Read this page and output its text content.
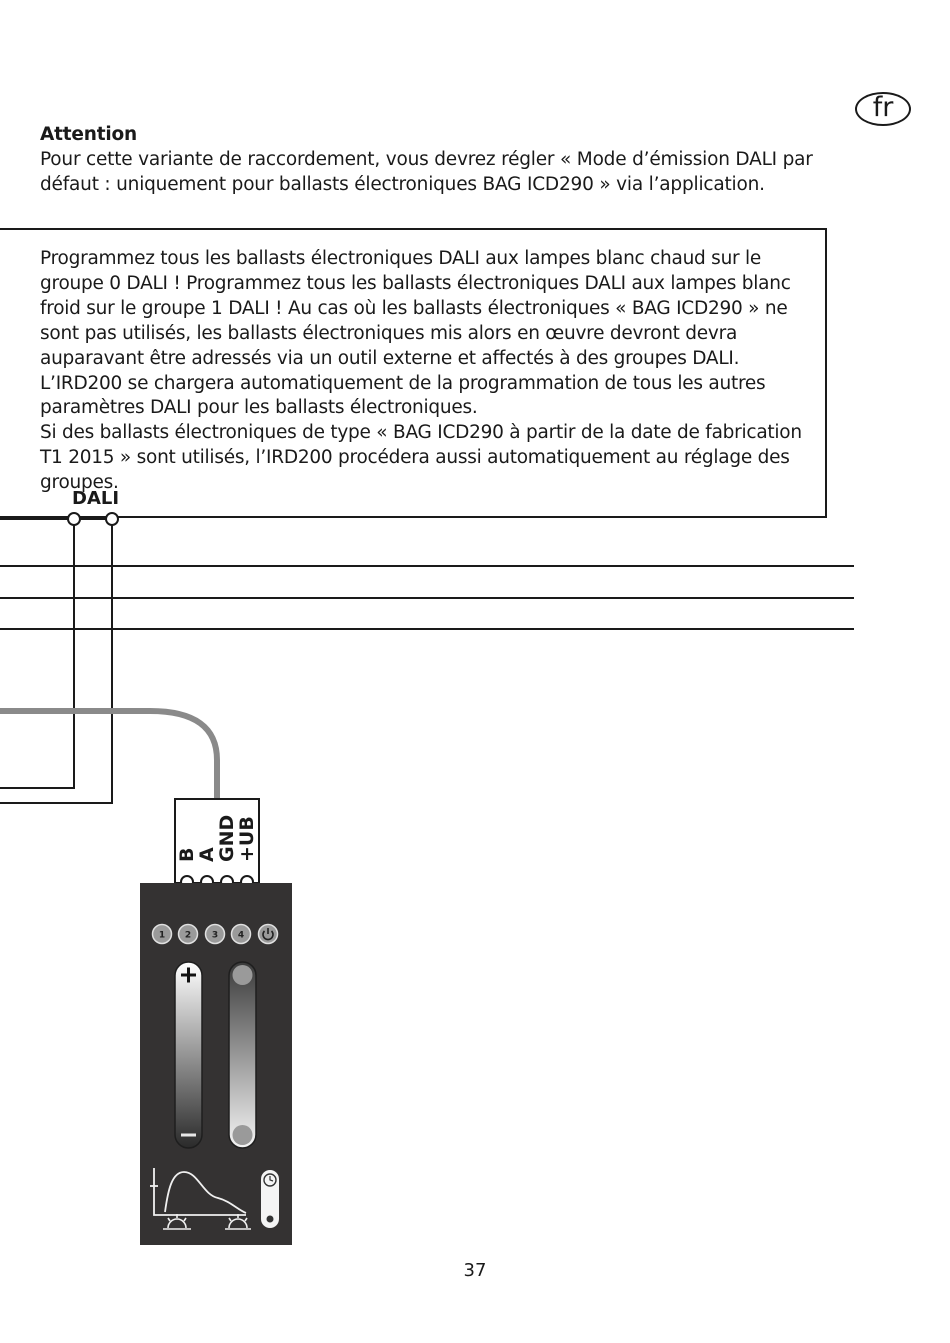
fr
Attention
Pour cette variante de raccordement, vous devrez régler « Mode d’émission DALI par défaut : uniquement pour ballasts électroniques BAG ICD290 » via l’application.

Programmez tous les ballasts électroniques DALI aux lampes blanc chaud sur le groupe 0 DALI ! Programmez tous les ballasts électroniques DALI aux lampes blanc froid sur le groupe 1 DALI ! Au cas où les ballasts électroniques « BAG ICD290 » ne sont pas utilisés, les ballasts électroniques mis alors en œuvre devront devra auparavant être adressés via un outil externe et affectés à des groupes DALI.

L’IRD200 se chargera automatiquement de la programmation de tous les autres paramètres DALI pour les ballasts électroniques.

Si des ballasts électroniques de type « BAG ICD290 à partir de la date de fabrication T1 2015 » sont utilisés, l’IRD200 procédera aussi automatiquement au réglage des groupes.

DALI
B
A
GND
+UB
1 2 3 4
37
